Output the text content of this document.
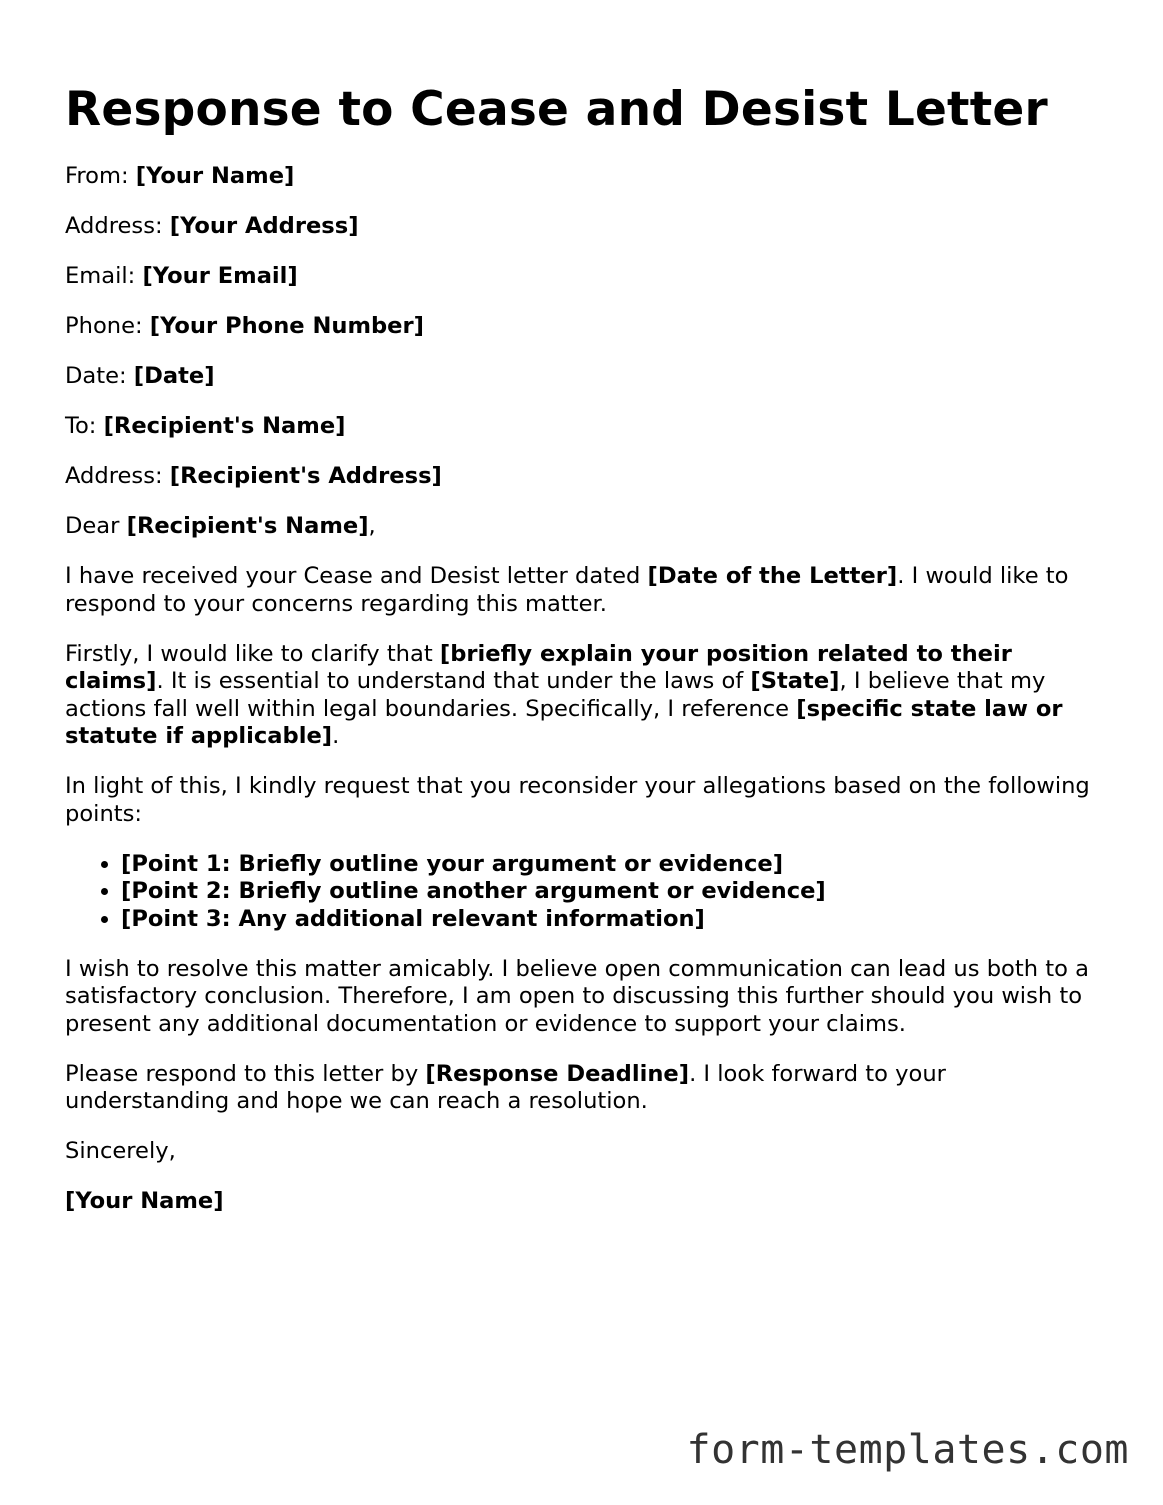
Response to Cease and Desist Letter

From: [Your Name]

Address: [Your Address]

Email: [Your Email]

Phone: [Your Phone Number]

Date: [Date]

To: [Recipient's Name]

Address: [Recipient's Address]

Dear [Recipient's Name],

I have received your Cease and Desist letter dated [Date of the Letter]. I would like to respond to your concerns regarding this matter.

Firstly, I would like to clarify that [briefly explain your position related to their claims]. It is essential to understand that under the laws of [State], I believe that my actions fall well within legal boundaries. Specifically, I reference [specific state law or statute if applicable].

In light of this, I kindly request that you reconsider your allegations based on the following points:

• [Point 1: Briefly outline your argument or evidence]
• [Point 2: Briefly outline another argument or evidence]
• [Point 3: Any additional relevant information]

I wish to resolve this matter amicably. I believe open communication can lead us both to a satisfactory conclusion. Therefore, I am open to discussing this further should you wish to present any additional documentation or evidence to support your claims.

Please respond to this letter by [Response Deadline]. I look forward to your understanding and hope we can reach a resolution.

Sincerely,

[Your Name]

form-templates.com
